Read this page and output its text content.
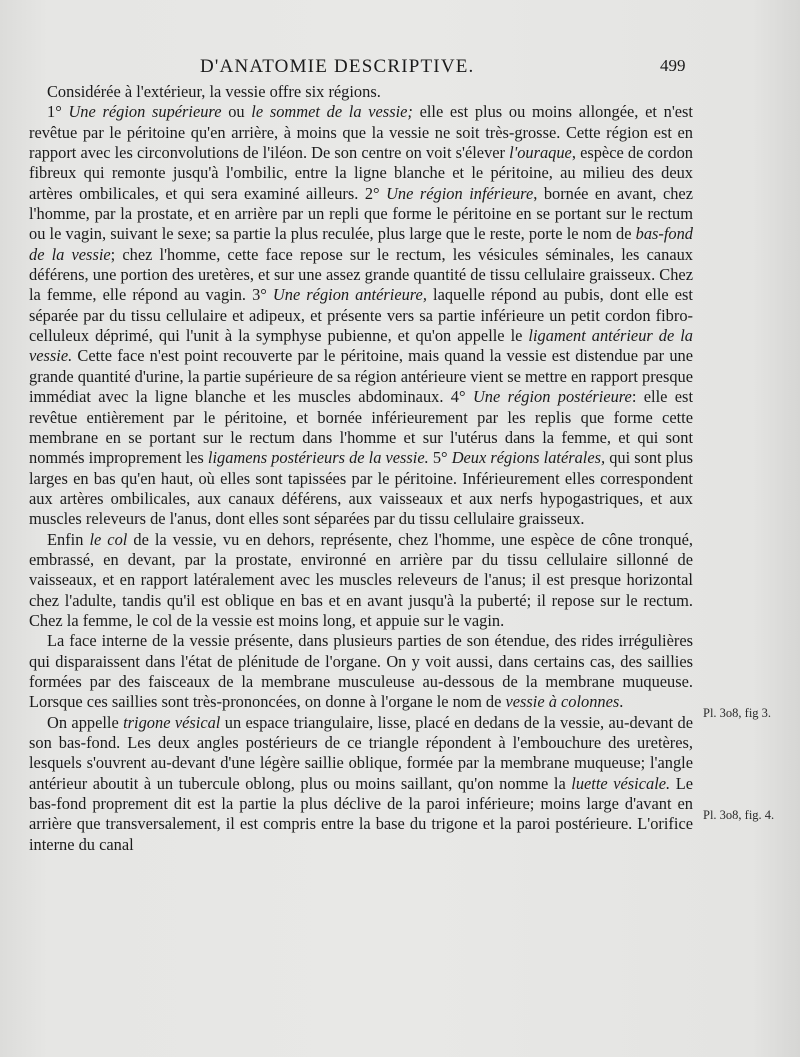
D'ANATOMIE DESCRIPTIVE.	499

Considérée à l'extérieur, la vessie offre six régions.

1° Une région supérieure ou le sommet de la vessie; elle est plus ou moins allongée, et n'est revêtue par le péritoine qu'en arrière, à moins que la vessie ne soit très-grosse. Cette région est en rapport avec les circonvolutions de l'iléon. De son centre on voit s'élever l'ouraque, espèce de cordon fibreux qui remonte jusqu'à l'ombilic, entre la ligne blanche et le péritoine, au milieu des deux artères ombilicales, et qui sera examiné ailleurs. 2° Une région inférieure, bornée en avant, chez l'homme, par la prostate, et en arrière par un repli que forme le péritoine en se portant sur le rectum ou le vagin, suivant le sexe; sa partie la plus reculée, plus large que le reste, porte le nom de bas-fond de la vessie; chez l'homme, cette face repose sur le rectum, les vésicules séminales, les canaux déférens, une portion des uretères, et sur une assez grande quantité de tissu cellulaire graisseux. Chez la femme, elle répond au vagin. 3° Une région antérieure, laquelle répond au pubis, dont elle est séparée par du tissu cellulaire et adipeux, et présente vers sa partie inférieure un petit cordon fibro-celluleux déprimé, qui l'unit à la symphyse pubienne, et qu'on appelle le ligament antérieur de la vessie. Cette face n'est point recouverte par le péritoine, mais quand la vessie est distendue par une grande quantité d'urine, la partie supérieure de sa région antérieure vient se mettre en rapport presque immédiat avec la ligne blanche et les muscles abdominaux. 4° Une région postérieure: elle est revêtue entièrement par le péritoine, et bornée inférieurement par les replis que forme cette membrane en se portant sur le rectum dans l'homme et sur l'utérus dans la femme, et qui sont nommés improprement les ligamens postérieurs de la vessie. 5° Deux régions latérales, qui sont plus larges en bas qu'en haut, où elles sont tapissées par le péritoine. Inférieurement elles correspondent aux artères ombilicales, aux canaux déférens, aux vaisseaux et aux nerfs hypogastriques, et aux muscles releveurs de l'anus, dont elles sont séparées par du tissu cellulaire graisseux.

Enfin le col de la vessie, vu en dehors, représente, chez l'homme, une espèce de cône tronqué, embrassé, en devant, par la prostate, environné en arrière par du tissu cellulaire sillonné de vaisseaux, et en rapport latéralement avec les muscles releveurs de l'anus; il est presque horizontal chez l'adulte, tandis qu'il est oblique en bas et en avant jusqu'à la puberté; il repose sur le rectum. Chez la femme, le col de la vessie est moins long, et appuie sur le vagin.

La face interne de la vessie présente, dans plusieurs parties de son étendue, des rides irrégulières qui disparaissent dans l'état de plénitude de l'organe. On y voit aussi, dans certains cas, des saillies formées par des faisceaux de la membrane musculeuse au-dessous de la membrane muqueuse. Lorsque ces saillies sont très-prononcées, on donne à l'organe le nom de vessie à colonnes.

On appelle trigone vésical un espace triangulaire, lisse, placé en dedans de la vessie, au-devant de son bas-fond. Les deux angles postérieurs de ce triangle répondent à l'embouchure des uretères, lesquels s'ouvrent au-devant d'une légère saillie oblique, formée par la membrane muqueuse; l'angle antérieur aboutit à un tubercule oblong, plus ou moins saillant, qu'on nomme la luette vésicale. Le bas-fond proprement dit est la partie la plus déclive de la paroi inférieure; moins large d'avant en arrière que transversalement, il est compris entre la base du trigone et la paroi postérieure. L'orifice interne du canal

Pl. 3o8, fig 3.
Pl. 3o8, fig. 4.
